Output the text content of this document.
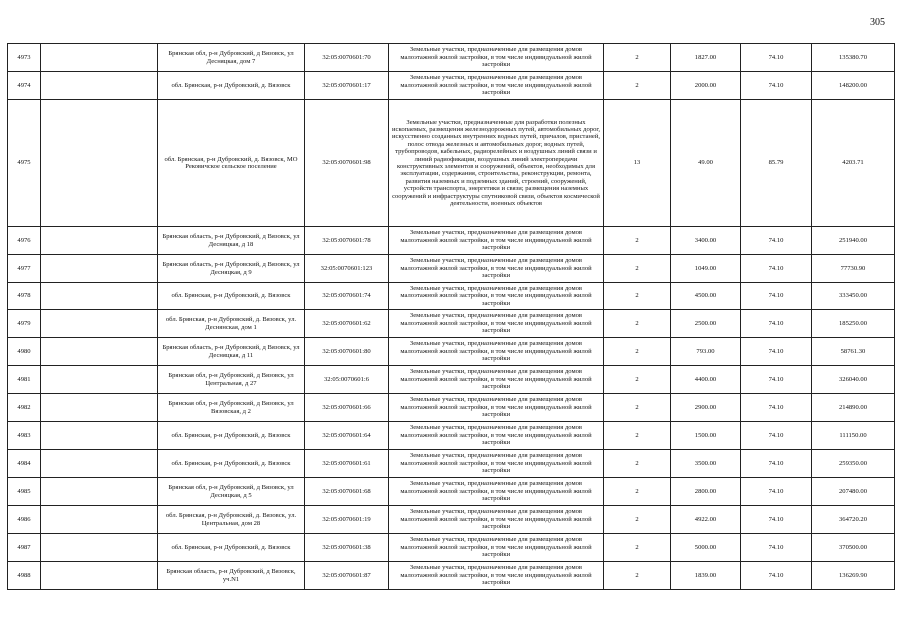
305
4973		Брянская обл, р-н Дубровский, д Вязовск, ул Десняцкая, дом 7	32:05:0070601:70	Земельные участки, предназначенные для размещения домов малоэтажной жилой застройки, в том числе индивидуальной жилой застройки	2	1827.00	74.10	135380.70
4974		обл. Брянская, р-н Дубровский, д. Вязовск	32:05:0070601:17	Земельные участки, предназначенные для размещения домов малоэтажной жилой застройки, в том числе индивидуальной жилой застройки	2	2000.00	74.10	148200.00
4975		обл. Брянская, р-н Дубровский, д. Вязовск, МО Рековичское сельское поселение	32:05:0070601:98	Земельные участки, предназначенные для разработки полезных ископаемых, размещения железнодорожных путей, автомобильных дорог, искусственно созданных внутренних водных путей, причалов, пристаней, полос отвода железных и автомобильных дорог, водных путей, трубопроводов, кабельных, радиорелейных и воздушных линий связи и линий радиофикации, воздушных линий электропередачи конструктивных элементов и сооружений, объектов, необходимых для эксплуатации, содержания, строительства, реконструкции, ремонта, развития наземных и подземных зданий, строений, сооружений, устройств транспорта, энергетики и связи; размещения наземных сооружений и инфраструктуры спутниковой связи, объектов космической деятельности, военных объектов	13	49.00	85.79	4203.71
4976		Брянская область, р-н Дубровский, д Вязовск, ул Десняцкая, д 18	32:05:0070601:78	Земельные участки, предназначенные для размещения домов малоэтажной жилой застройки, в том числе индивидуальной жилой застройки	2	3400.00	74.10	251940.00
4977		Брянская область, р-н Дубровский, д Вязовск, ул Десняцкая, д 9	32:05:0070601:123	Земельные участки, предназначенные для размещения домов малоэтажной жилой застройки, в том числе индивидуальной жилой застройки	2	1049.00	74.10	77730.90
4978		обл. Брянская, р-н Дубровский, д. Вязовск	32:05:0070601:74	Земельные участки, предназначенные для размещения домов малоэтажной жилой застройки, в том числе индивидуальной жилой застройки	2	4500.00	74.10	333450.00
4979		обл. Брянская, р-н Дубровский, д. Вязовск, ул. Деснянская, дом 1	32:05:0070601:62	Земельные участки, предназначенные для размещения домов малоэтажной жилой застройки, в том числе индивидуальной жилой застройки	2	2500.00	74.10	185250.00
4980		Брянская область, р-н Дубровский, д Вязовск, ул Десняцкая, д 11	32:05:0070601:80	Земельные участки, предназначенные для размещения домов малоэтажной жилой застройки, в том числе индивидуальной жилой застройки	2	793.00	74.10	58761.30
4981		Брянская обл, р-н Дубровский, д Вязовск, ул Центральная, д 27	32:05:0070601:6	Земельные участки, предназначенные для размещения домов малоэтажной жилой застройки, в том числе индивидуальной жилой застройки	2	4400.00	74.10	326040.00
4982		Брянская обл, р-н Дубровский, д Вязовск, ул Вязовская, д 2	32:05:0070601:66	Земельные участки, предназначенные для размещения домов малоэтажной жилой застройки, в том числе индивидуальной жилой застройки	2	2900.00	74.10	214890.00
4983		обл. Брянская, р-н Дубровский, д. Вязовск	32:05:0070601:64	Земельные участки, предназначенные для размещения домов малоэтажной жилой застройки, в том числе индивидуальной жилой застройки	2	1500.00	74.10	111150.00
4984		обл. Брянская, р-н Дубровский, д. Вязовск	32:05:0070601:61	Земельные участки, предназначенные для размещения домов малоэтажной жилой застройки, в том числе индивидуальной жилой застройки	2	3500.00	74.10	259350.00
4985		Брянская обл, р-н Дубровский, д Вязовск, ул Десняцкая, д 5	32:05:0070601:68	Земельные участки, предназначенные для размещения домов малоэтажной жилой застройки, в том числе индивидуальной жилой застройки	2	2800.00	74.10	207480.00
4986		обл. Брянская, р-н Дубровский, д. Вязовск, ул. Центральная, дом 28	32:05:0070601:19	Земельные участки, предназначенные для размещения домов малоэтажной жилой застройки, в том числе индивидуальной жилой застройки	2	4922.00	74.10	364720.20
4987		обл. Брянская, р-н Дубровский, д. Вязовск	32:05:0070601:38	Земельные участки, предназначенные для размещения домов малоэтажной жилой застройки, в том числе индивидуальной жилой застройки	2	5000.00	74.10	370500.00
4988		Брянская область, р-н Дубровский, д Вязовск, уч.N1	32:05:0070601:87	Земельные участки, предназначенные для размещения домов малоэтажной жилой застройки, в том числе индивидуальной жилой застройки	2	1839.00	74.10	136269.90
